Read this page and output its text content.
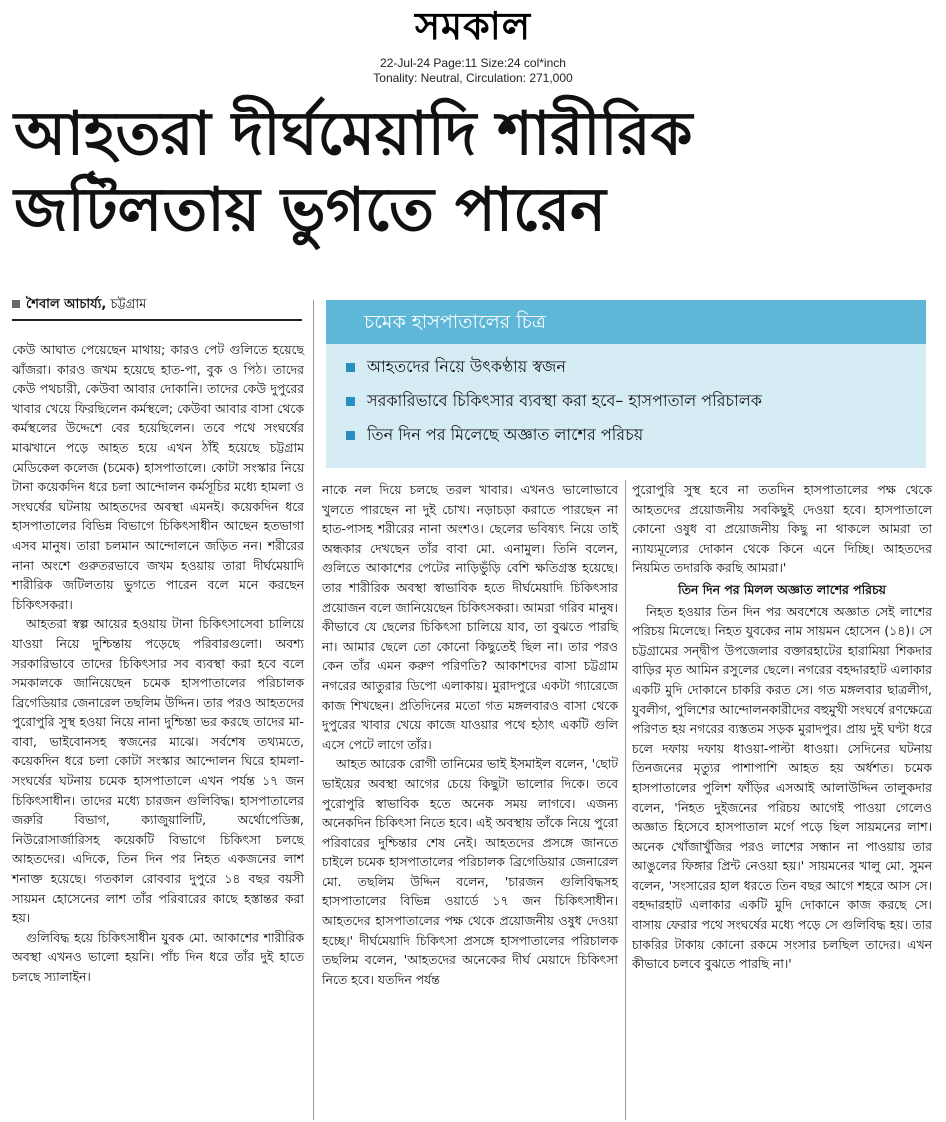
সমকাল
22-Jul-24 Page:11 Size:24 col*inch
Tonality: Neutral, Circulation: 271,000
আহতরা দীর্ঘমেয়াদি শারীরিক
জটিলতায় ভুগতে পারেন
শৈবাল আচার্য্য, চট্টগ্রাম
চমেক হাসপাতালের চিত্র
আহতদের নিয়ে উৎকণ্ঠায় স্বজন
সরকারিভাবে চিকিৎসার ব্যবস্থা করা হবে– হাসপাতাল পরিচালক
তিন দিন পর মিলেছে অজ্ঞাত লাশের পরিচয়

কেউ আঘাত পেয়েছেন মাথায়; কারও পেট গুলিতে হয়েছে ঝাঁজরা। কারও জখম হয়েছে হাত-পা, বুক ও পিঠ। তাদের কেউ পথচারী, কেউবা আবার দোকানি। তাদের কেউ দুপুরের খাবার খেয়ে ফিরছিলেন কর্মস্থলে; কেউবা আবার বাসা থেকে কর্মস্থলের উদ্দেশে বের হয়েছিলেন। তবে পথে সংঘর্ষের মাঝখানে পড়ে আহত হয়ে এখন ঠাঁই হয়েছে চট্টগ্রাম মেডিকেল কলেজ (চমেক) হাসপাতালে। কোটা সংস্কার নিয়ে টানা কয়েকদিন ধরে চলা আন্দোলন কর্মসূচির মধ্যে হামলা ও সংঘর্ষের ঘটনায় আহতদের অবস্থা এমনই। কয়েকদিন ধরে হাসপাতালের বিভিন্ন বিভাগে চিকিৎসাধীন আছেন হতভাগা এসব মানুষ। তারা চলমান আন্দোলনে জড়িত নন। শরীরের নানা অংশে গুরুতরভাবে জখম হওয়ায় তারা দীর্ঘমেয়াদি শারীরিক জটিলতায় ভুগতে পারেন বলে মনে করছেন চিকিৎসকরা।

আহতরা স্বল্প আয়ের হওয়ায় টানা চিকিৎসাসেবা চালিয়ে যাওয়া নিয়ে দুশ্চিন্তায় পড়েছে পরিবারগুলো। অবশ্য সরকারিভাবে তাদের চিকিৎসার সব ব্যবস্থা করা হবে বলে সমকালকে জানিয়েছেন চমেক হাসপাতালের পরিচালক ব্রিগেডিয়ার জেনারেল তছলিম উদ্দিন। তার পরও আহতদের পুরোপুরি সুস্থ হওয়া নিয়ে নানা দুশ্চিন্তা ভর করছে তাদের মা-বাবা, ভাইবোনসহ স্বজনের মাঝে। সর্বশেষ তথ্যমতে, কয়েকদিন ধরে চলা কোটা সংস্কার আন্দোলন ঘিরে হামলা-সংঘর্ষের ঘটনায় চমেক হাসপাতালে এখন পর্যন্ত ১৭ জন চিকিৎসাধীন। তাদের মধ্যে চারজন গুলিবিদ্ধ। হাসপাতালের জরুরি বিভাগ, ক্যাজুয়ালিটি, অর্থোপেডিক্স, নিউরোসার্জারিসহ কয়েকটি বিভাগে চিকিৎসা চলছে আহতদের। এদিকে, তিন দিন পর নিহত একজনের লাশ শনাক্ত হয়েছে। গতকাল রোববার দুপুরে ১৪ বছর বয়সী সায়মন হোসেনের লাশ তাঁর পরিবারের কাছে হস্তান্তর করা হয়।

গুলিবিদ্ধ হয়ে চিকিৎসাধীন যুবক মো. আকাশের শারীরিক অবস্থা এখনও ভালো হয়নি। পাঁচ দিন ধরে তাঁর দুই হাতে চলছে স্যালাইন।

নাকে নল দিয়ে চলছে তরল খাবার। এখনও ভালোভাবে খুলতে পারছেন না দুই চোখ। নড়াচড়া করাতে পারছেন না হাত-পাসহ শরীরের নানা অংশও। ছেলের ভবিষ্যৎ নিয়ে তাই অন্ধকার দেখছেন তাঁর বাবা মো. এনামুল। তিনি বলেন, গুলিতে আকাশের পেটের নাড়িভুঁড়ি বেশি ক্ষতিগ্রস্ত হয়েছে। তার শারীরিক অবস্থা স্বাভাবিক হতে দীর্ঘমেয়াদি চিকিৎসার প্রয়োজন বলে জানিয়েছেন চিকিৎসকরা। আমরা গরিব মানুষ। কীভাবে যে ছেলের চিকিৎসা চালিয়ে যাব, তা বুঝতে পারছি না। আমার ছেলে তো কোনো কিছুতেই ছিল না। তার পরও কেন তাঁর এমন করুণ পরিণতি? আকাশদের বাসা চট্টগ্রাম নগরের আতুরার ডিপো এলাকায়। মুরাদপুরে একটা গ্যারেজে কাজ শিখছেন। প্রতিদিনের মতো গত মঙ্গলবারও বাসা থেকে দুপুরের খাবার খেয়ে কাজে যাওয়ার পথে হঠাৎ একটি গুলি এসে পেটে লাগে তাঁর।

আহত আরেক রোগী তানিমের ভাই ইসমাইল বলেন, 'ছোট ভাইয়ের অবস্থা আগের চেয়ে কিছুটা ভালোর দিকে। তবে পুরোপুরি স্বাভাবিক হতে অনেক সময় লাগবে। এজন্য অনেকদিন চিকিৎসা নিতে হবে। এই অবস্থায় তাঁকে নিয়ে পুরো পরিবারের দুশ্চিন্তার শেষ নেই। আহতদের প্রসঙ্গে জানতে চাইলে চমেক হাসপাতালের পরিচালক ব্রিগেডিয়ার জেনারেল মো. তছলিম উদ্দিন বলেন, 'চারজন গুলিবিদ্ধসহ হাসপাতালের বিভিন্ন ওয়ার্ডে ১৭ জন চিকিৎসাধীন। আহতদের হাসপাতালের পক্ষ থেকে প্রয়োজনীয় ওষুধ দেওয়া হচ্ছে।' দীর্ঘমেয়াদি চিকিৎসা প্রসঙ্গে হাসপাতালের পরিচালক তছলিম বলেন, 'আহতদের অনেকের দীর্ঘ মেয়াদে চিকিৎসা নিতে হবে। যতদিন পর্যন্ত

পুরোপুরি সুস্থ হবে না ততদিন হাসপাতালের পক্ষ থেকে আহতদের প্রয়োজনীয় সবকিছুই দেওয়া হবে। হাসপাতালে কোনো ওষুধ বা প্রয়োজনীয় কিছু না থাকলে আমরা তা ন্যায্যমূল্যের দোকান থেকে কিনে এনে দিচ্ছি। আহতদের নিয়মিত তদারকি করছি আমরা।'

তিন দিন পর মিলল অজ্ঞাত লাশের পরিচয়

নিহত হওয়ার তিন দিন পর অবশেষে অজ্ঞাত সেই লাশের পরিচয় মিলেছে। নিহত যুবকের নাম সায়মন হোসেন (১৪)। সে চট্টগ্রামের সন্দ্বীপ উপজেলার বক্তারহাটের হারামিয়া শিকদার বাড়ির মৃত আমিন রসুলের ছেলে। নগরের বহদ্দারহাট এলাকার একটি মুদি দোকানে চাকরি করত সে। গত মঙ্গলবার ছাত্রলীগ, যুবলীগ, পুলিশের আন্দোলনকারীদের বহুমুখী সংঘর্ষে রণক্ষেত্রে পরিণত হয় নগরের ব্যস্ততম সড়ক মুরাদপুর। প্রায় দুই ঘণ্টা ধরে চলে দফায় দফায় ধাওয়া-পাল্টা ধাওয়া। সেদিনের ঘটনায় তিনজনের মৃত্যুর পাশাপাশি আহত হয় অর্ধশত। চমেক হাসপাতালের পুলিশ ফাঁড়ির এসআই আলাউদ্দিন তালুকদার বলেন, 'নিহত দুইজনের পরিচয় আগেই পাওয়া গেলেও অজ্ঞাত হিসেবে হাসপাতাল মর্গে পড়ে ছিল সায়মনের লাশ। অনেক খোঁজাখুঁজির পরও লাশের সন্ধান না পাওয়ায় তার আঙুলের ফিঙ্গার প্রিন্ট নেওয়া হয়।' সায়মনের খালু মো. সুমন বলেন, 'সংসারের হাল ধরতে তিন বছর আগে শহরে আস সে। বহদ্দারহাট এলাকার একটি মুদি দোকানে কাজ করছে সে। বাসায় ফেরার পথে সংঘর্ষের মধ্যে পড়ে সে গুলিবিদ্ধ হয়। তার চাকরির টাকায় কোনো রকমে সংসার চলছিল তাদের। এখন কীভাবে চলবে বুঝতে পারছি না।'
